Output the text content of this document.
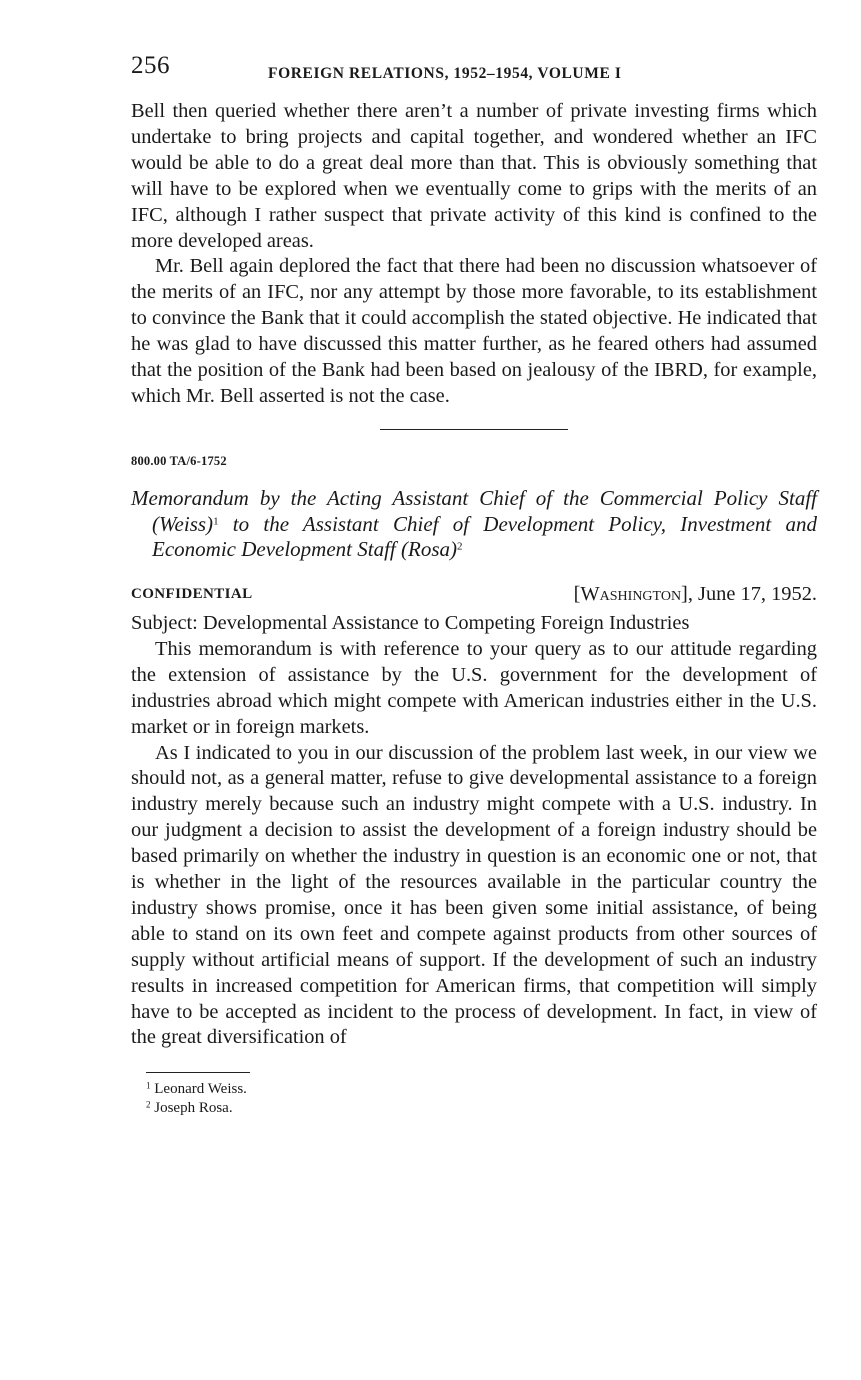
256	FOREIGN RELATIONS, 1952–1954, VOLUME I

Bell then queried whether there aren’t a number of private investing firms which undertake to bring projects and capital together, and wondered whether an IFC would be able to do a great deal more than that. This is obviously something that will have to be explored when we eventually come to grips with the merits of an IFC, although I rather suspect that private activity of this kind is confined to the more developed areas.

Mr. Bell again deplored the fact that there had been no discussion whatsoever of the merits of an IFC, nor any attempt by those more favorable, to its establishment to convince the Bank that it could accomplish the stated objective. He indicated that he was glad to have discussed this matter further, as he feared others had assumed that the position of the Bank had been based on jealousy of the IBRD, for example, which Mr. Bell asserted is not the case.

800.00 TA/6-1752
Memorandum by the Acting Assistant Chief of the Commercial Policy Staff (Weiss)$^1$ to the Assistant Chief of Development Policy, Investment and Economic Development Staff (Rosa)$^2$
CONFIDENTIAL	[Washington], June 17, 1952.
Subject: Developmental Assistance to Competing Foreign Industries

This memorandum is with reference to your query as to our attitude regarding the extension of assistance by the U.S. government for the development of industries abroad which might compete with American industries either in the U.S. market or in foreign markets.

As I indicated to you in our discussion of the problem last week, in our view we should not, as a general matter, refuse to give developmental assistance to a foreign industry merely because such an industry might compete with a U.S. industry. In our judgment a decision to assist the development of a foreign industry should be based primarily on whether the industry in question is an economic one or not, that is whether in the light of the resources available in the particular country the industry shows promise, once it has been given some initial assistance, of being able to stand on its own feet and compete against products from other sources of supply without artificial means of support. If the development of such an industry results in increased competition for American firms, that competition will simply have to be accepted as incident to the process of development. In fact, in view of the great diversification of

$^1$ Leonard Weiss.
$^2$ Joseph Rosa.
